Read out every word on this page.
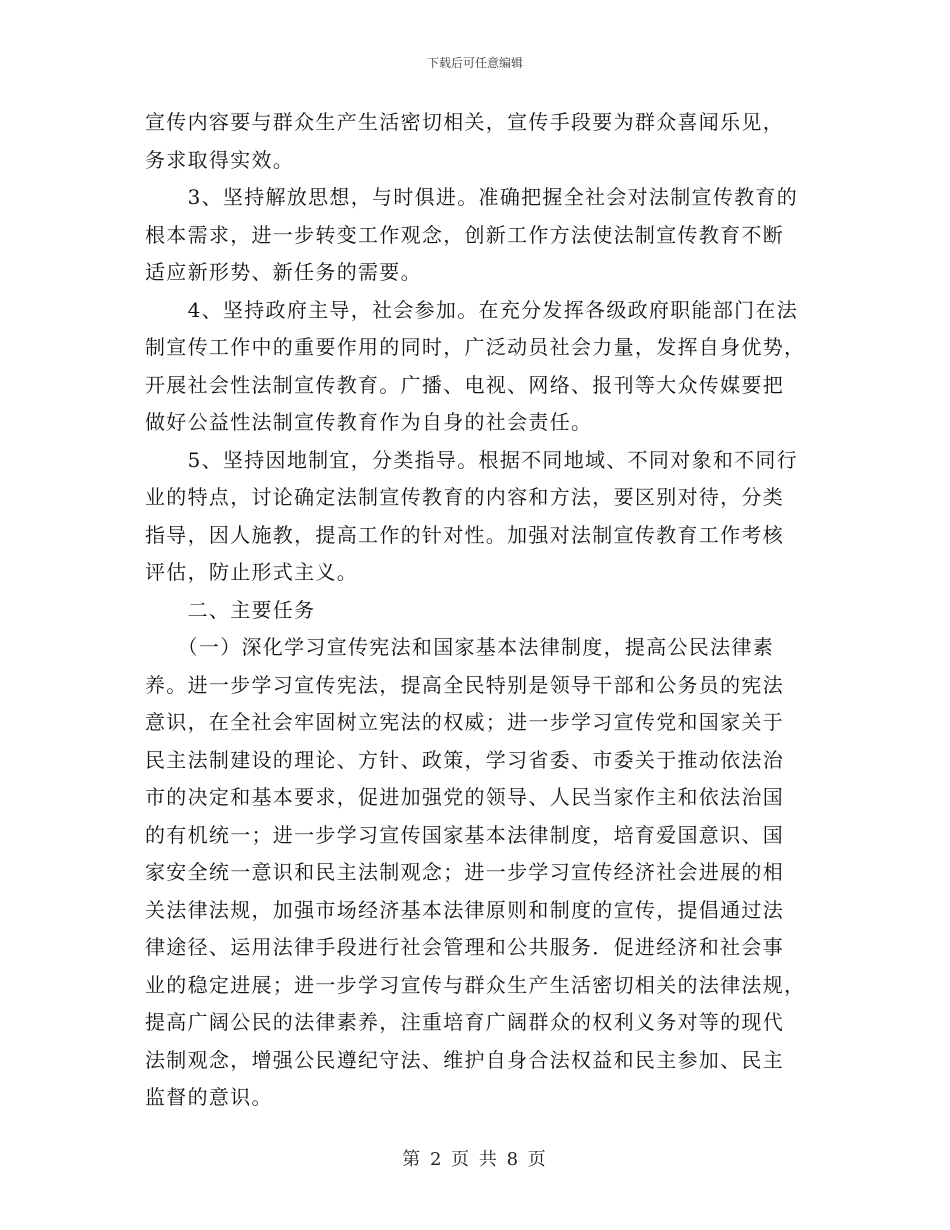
下载后可任意编辑
宣传内容要与群众生产生活密切相关，宣传手段要为群众喜闻乐见，
务求取得实效。
　　3、坚持解放思想，与时俱进。准确把握全社会对法制宣传教育的
根本需求，进一步转变工作观念，创新工作方法使法制宣传教育不断
适应新形势、新任务的需要。
　　4、坚持政府主导，社会参加。在充分发挥各级政府职能部门在法
制宣传工作中的重要作用的同时，广泛动员社会力量，发挥自身优势，
开展社会性法制宣传教育。广播、电视、网络、报刊等大众传媒要把
做好公益性法制宣传教育作为自身的社会责任。
　　5、坚持因地制宜，分类指导。根据不同地域、不同对象和不同行
业的特点，讨论确定法制宣传教育的内容和方法，要区别对待，分类
指导，因人施教，提高工作的针对性。加强对法制宣传教育工作考核
评估，防止形式主义。
　　二、主要任务
　　（一）深化学习宣传宪法和国家基本法律制度，提高公民法律素
养。进一步学习宣传宪法，提高全民特别是领导干部和公务员的宪法
意识，在全社会牢固树立宪法的权威；进一步学习宣传党和国家关于
民主法制建设的理论、方针、政策，学习省委、市委关于推动依法治
市的决定和基本要求，促进加强党的领导、人民当家作主和依法治国
的有机统一；进一步学习宣传国家基本法律制度，培育爱国意识、国
家安全统一意识和民主法制观念；进一步学习宣传经济社会进展的相
关法律法规，加强市场经济基本法律原则和制度的宣传，提倡通过法
律途径、运用法律手段进行社会管理和公共服务．促进经济和社会事
业的稳定进展；进一步学习宣传与群众生产生活密切相关的法律法规，
提高广阔公民的法律素养，注重培育广阔群众的权利义务对等的现代
法制观念，增强公民遵纪守法、维护自身合法权益和民主参加、民主
监督的意识。
第 2 页 共 8 页
